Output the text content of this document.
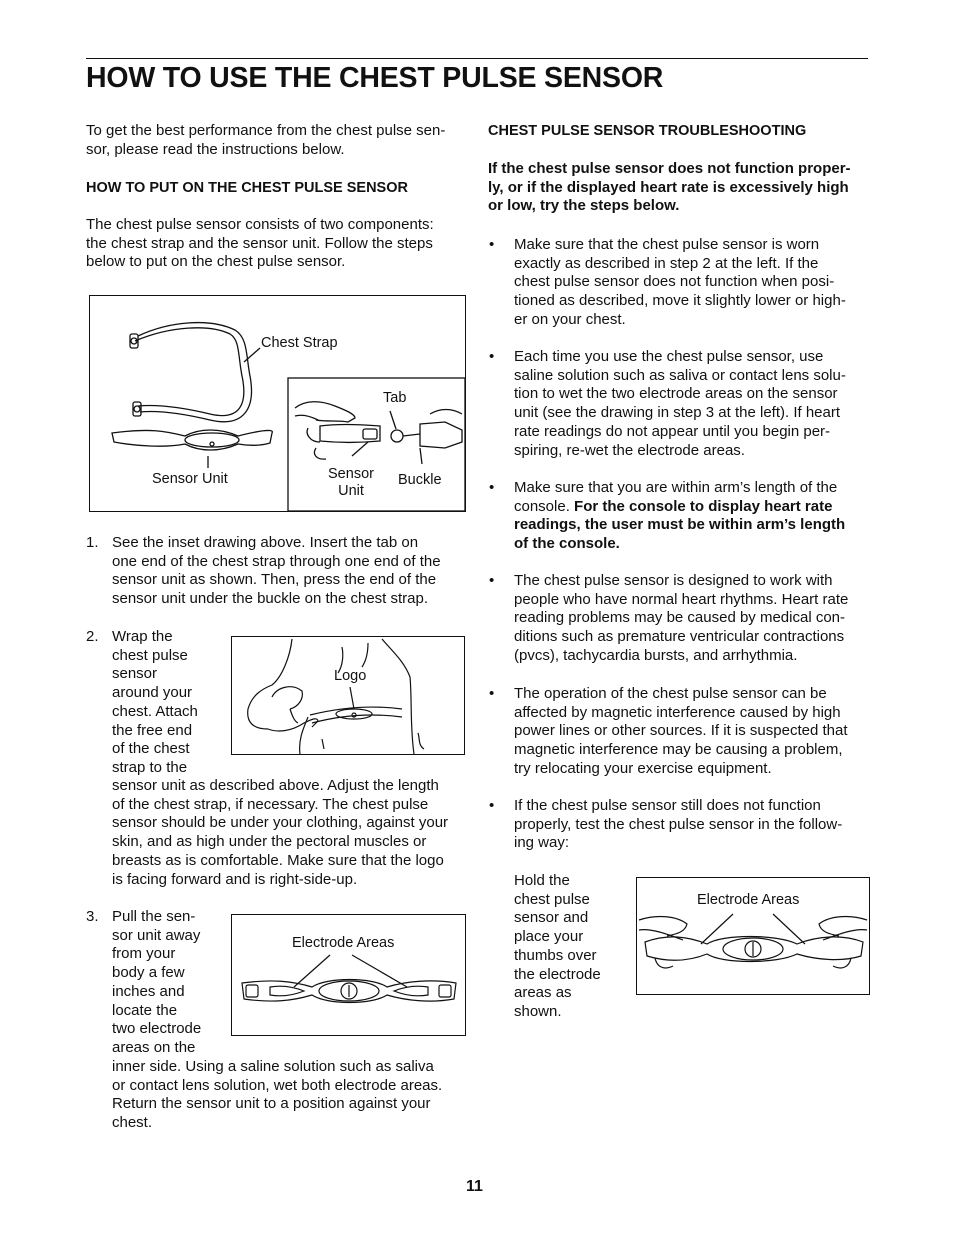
HOW TO USE THE CHEST PULSE SENSOR
To get the best performance from the chest pulse sen-
sor, please read the instructions below.
HOW TO PUT ON THE CHEST PULSE SENSOR
The chest pulse sensor consists of two components:
the chest strap and the sensor unit. Follow the steps
below to put on the chest pulse sensor.
Chest Strap
Sensor Unit
Tab
Sensor
Unit
Buckle
1. See the inset drawing above. Insert the tab on
one end of the chest strap through one end of the
sensor unit as shown. Then, press the end of the
sensor unit under the buckle on the chest strap.
2. Wrap the
chest pulse
sensor
around your
chest. Attach
the free end
of the chest
strap to the
sensor unit as described above. Adjust the length
of the chest strap, if necessary. The chest pulse
sensor should be under your clothing, against your
skin, and as high under the pectoral muscles or
breasts as is comfortable. Make sure that the logo
is facing forward and is right-side-up.
Logo
3. Pull the sen-
sor unit away
from your
body a few
inches and
locate the
two electrode
areas on the
inner side. Using a saline solution such as saliva
or contact lens solution, wet both electrode areas.
Return the sensor unit to a position against your
chest.
Electrode Areas
CHEST PULSE SENSOR TROUBLESHOOTING
If the chest pulse sensor does not function proper-
ly, or if the displayed heart rate is excessively high
or low, try the steps below.
• Make sure that the chest pulse sensor is worn
exactly as described in step 2 at the left. If the
chest pulse sensor does not function when posi-
tioned as described, move it slightly lower or high-
er on your chest.
• Each time you use the chest pulse sensor, use
saline solution such as saliva or contact lens solu-
tion to wet the two electrode areas on the sensor
unit (see the drawing in step 3 at the left). If heart
rate readings do not appear until you begin per-
spiring, re-wet the electrode areas.
• Make sure that you are within arm’s length of the
console. For the console to display heart rate
readings, the user must be within arm’s length
of the console.
• The chest pulse sensor is designed to work with
people who have normal heart rhythms. Heart rate
reading problems may be caused by medical con-
ditions such as premature ventricular contractions
(pvcs), tachycardia bursts, and arrhythmia.
• The operation of the chest pulse sensor can be
affected by magnetic interference caused by high
power lines or other sources. If it is suspected that
magnetic interference may be causing a problem,
try relocating your exercise equipment.
• If the chest pulse sensor still does not function
properly, test the chest pulse sensor in the follow-
ing way:
Hold the
chest pulse
sensor and
place your
thumbs over
the electrode
areas as
shown.
Electrode Areas
11
